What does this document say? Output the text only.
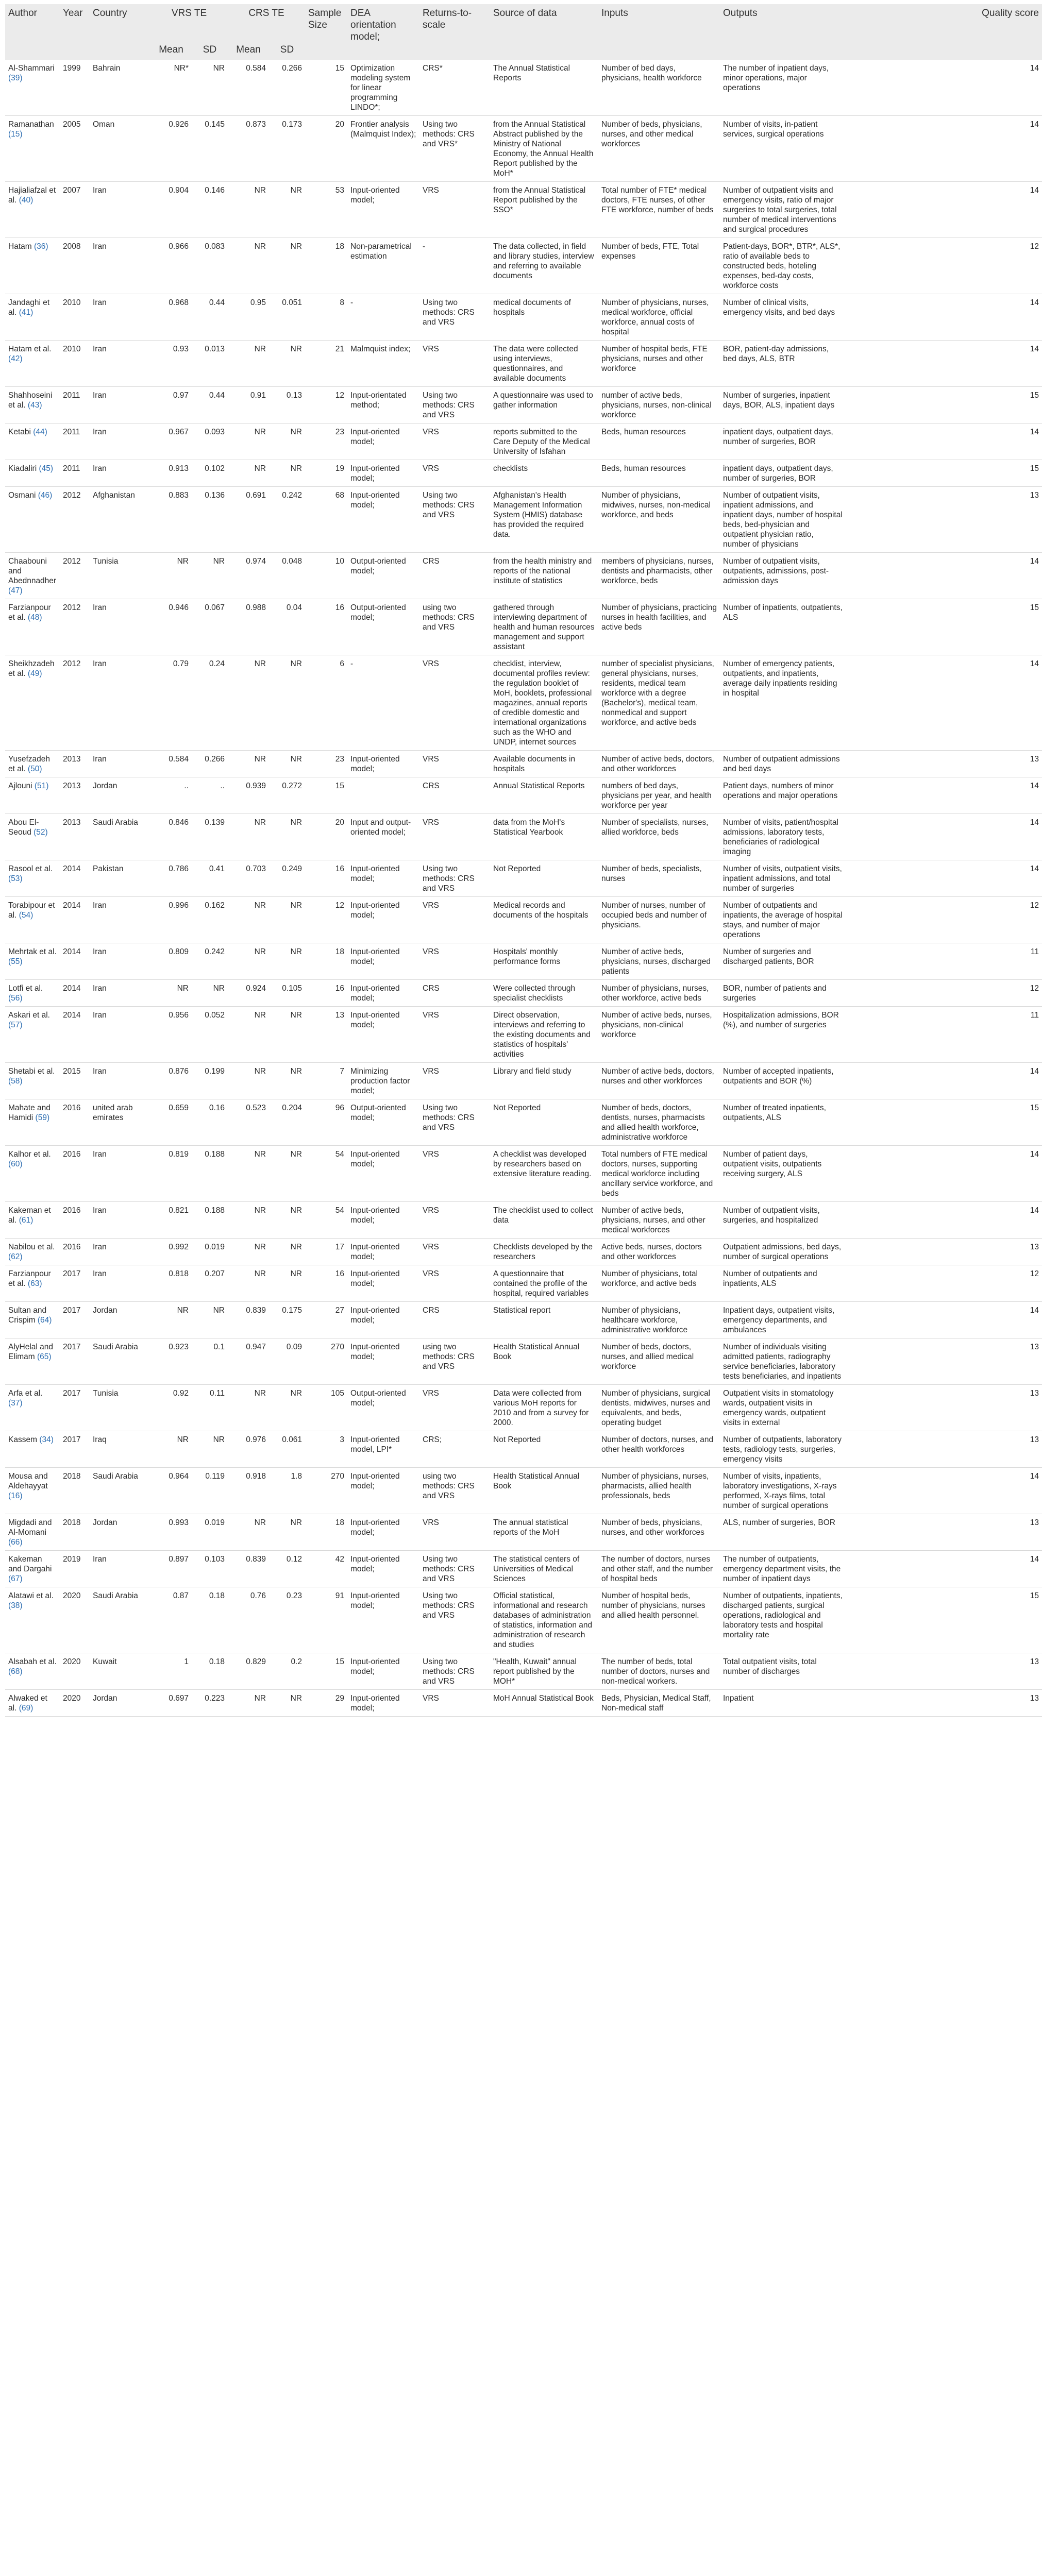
Author	Year	Country	VRS TE		CRS TE		Sample Size	DEA orientation model;	Returns-to-scale	Source of data	Inputs	Outputs	Quality score
			Mean	SD	Mean	SD							
Al-Shammari (39)	1999	Bahrain	NR*	NR	0.584	0.266	15	Optimization modeling system for linear programming LINDO*;	CRS*	The Annual Statistical Reports	Number of bed days, physicians, health workforce	The number of inpatient days, minor operations, major operations	14
Ramanathan (15)	2005	Oman	0.926	0.145	0.873	0.173	20	Frontier analysis (Malmquist Index);	Using two methods: CRS and VRS*	from the Annual Statistical Abstract published by the Ministry of National Economy, the Annual Health Report published by the MoH*	Number of beds, physicians, nurses, and other medical workforces	Number of visits, in-patient services, surgical operations	14
Hajialiafzal et al. (40)	2007	Iran	0.904	0.146	NR	NR	53	Input-oriented model;	VRS	from the Annual Statistical Report published by the SSO*	Total number of FTE* medical doctors, FTE nurses, of other FTE workforce, number of beds	Number of outpatient visits and emergency visits, ratio of major surgeries to total surgeries, total number of medical interventions and surgical procedures	14
Hatam (36)	2008	Iran	0.966	0.083	NR	NR	18	Non-parametrical estimation	-	The data collected, in field and library studies, interview and referring to available documents	Number of beds, FTE, Total expenses	Patient-days, BOR*, BTR*, ALS*, ratio of available beds to constructed beds, hoteling expenses, bed-day costs, workforce costs	12
Jandaghi et al. (41)	2010	Iran	0.968	0.44	0.95	0.051	8	-	Using two methods: CRS and VRS	medical documents of hospitals	Number of physicians, nurses, medical workforce, official workforce, annual costs of hospital	Number of clinical visits, emergency visits, and bed days	14
Hatam et al. (42)	2010	Iran	0.93	0.013	NR	NR	21	Malmquist index;	VRS	The data were collected using interviews, questionnaires, and available documents	Number of hospital beds, FTE physicians, nurses and other workforce	BOR, patient-day admissions, bed days, ALS, BTR	14
Shahhoseini et al. (43)	2011	Iran	0.97	0.44	0.91	0.13	12	Input-orientated method;	Using two methods: CRS and VRS	A questionnaire was used to gather information	number of active beds, physicians, nurses, non-clinical workforce	Number of surgeries, inpatient days, BOR, ALS, inpatient days	15
Ketabi (44)	2011	Iran	0.967	0.093	NR	NR	23	Input-oriented model;	VRS	reports submitted to the Care Deputy of the Medical University of Isfahan	Beds, human resources	inpatient days, outpatient days, number of surgeries, BOR	14
Kiadaliri (45)	2011	Iran	0.913	0.102	NR	NR	19	Input-oriented model;	VRS	checklists	Beds, human resources	inpatient days, outpatient days, number of surgeries, BOR	15
Osmani (46)	2012	Afghanistan	0.883	0.136	0.691	0.242	68	Input-oriented model;	Using two methods: CRS and VRS	Afghanistan's Health Management Information System (HMIS) database has provided the required data.	Number of physicians, midwives, nurses, non-medical workforce, and beds	Number of outpatient visits, inpatient admissions, and inpatient days, number of hospital beds, bed-physician and outpatient physician ratio, number of physicians	13
Chaabouni and Abednnadher (47)	2012	Tunisia	NR	NR	0.974	0.048	10	Output-oriented model;	CRS	from the health ministry and reports of the national institute of statistics	members of physicians, nurses, dentists and pharmacists, other workforce, beds	Number of outpatient visits, outpatients, admissions, post-admission days	14
Farzianpour et al. (48)	2012	Iran	0.946	0.067	0.988	0.04	16	Output-oriented model;	using two methods: CRS and VRS	gathered through interviewing department of health and human resources management and support assistant	Number of physicians, practicing nurses in health facilities, and active beds	Number of inpatients, outpatients, ALS	15
Sheikhzadeh et al. (49)	2012	Iran	0.79	0.24	NR	NR	6	-	VRS	checklist, interview, documental profiles review: the regulation booklet of MoH, booklets, professional magazines, annual reports of credible domestic and international organizations such as the WHO and UNDP, internet sources	number of specialist physicians, general physicians, nurses, residents, medical team workforce with a degree (Bachelor's), medical team, nonmedical and support workforce, and active beds	Number of emergency patients, outpatients, and inpatients, average daily inpatients residing in hospital	14
Yusefzadeh et al. (50)	2013	Iran	0.584	0.266	NR	NR	23	Input-oriented model;	VRS	Available documents in hospitals	Number of active beds, doctors, and other workforces	Number of outpatient admissions and bed days	13
Ajlouni (51)	2013	Jordan	..	..	0.939	0.272	15		CRS	Annual Statistical Reports	numbers of bed days, physicians per year, and health workforce per year	Patient days, numbers of minor operations and major operations	14
Abou El-Seoud (52)	2013	Saudi Arabia	0.846	0.139	NR	NR	20	Input and output-oriented model;	VRS	data from the MoH's Statistical Yearbook	Number of specialists, nurses, allied workforce, beds	Number of visits, patient/hospital admissions, laboratory tests, beneficiaries of radiological imaging	14
Rasool et al. (53)	2014	Pakistan	0.786	0.41	0.703	0.249	16	Input-oriented model;	Using two methods: CRS and VRS	Not Reported	Number of beds, specialists, nurses	Number of visits, outpatient visits, inpatient admissions, and total number of surgeries	14
Torabipour et al. (54)	2014	Iran	0.996	0.162	NR	NR	12	Input-oriented model;	VRS	Medical records and documents of the hospitals	Number of nurses, number of occupied beds and number of physicians.	Number of outpatients and inpatients, the average of hospital stays, and number of major operations	12
Mehrtak et al. (55)	2014	Iran	0.809	0.242	NR	NR	18	Input-oriented model;	VRS	Hospitals' monthly performance forms	Number of active beds, physicians, nurses, discharged patients	Number of surgeries and discharged patients, BOR	11
Lotfi et al. (56)	2014	Iran	NR	NR	0.924	0.105	16	Input-oriented model;	CRS	Were collected through specialist checklists	Number of physicians, nurses, other workforce, active beds	BOR, number of patients and surgeries	12
Askari et al. (57)	2014	Iran	0.956	0.052	NR	NR	13	Input-oriented model;	VRS	Direct observation, interviews and referring to the existing documents and statistics of hospitals' activities	Number of active beds, nurses, physicians, non-clinical workforce	Hospitalization admissions, BOR (%), and number of surgeries	11
Shetabi et al. (58)	2015	Iran	0.876	0.199	NR	NR	7	Minimizing production factor model;	VRS	Library and field study	Number of active beds, doctors, nurses and other workforces	Number of accepted inpatients, outpatients and BOR (%)	14
Mahate and Hamidi (59)	2016	united arab emirates	0.659	0.16	0.523	0.204	96	Output-oriented model;	Using two methods: CRS and VRS	Not Reported	Number of beds, doctors, dentists, nurses, pharmacists and allied health workforce, administrative workforce	Number of treated inpatients, outpatients, ALS	15
Kalhor et al. (60)	2016	Iran	0.819	0.188	NR	NR	54	Input-oriented model;	VRS	A checklist was developed by researchers based on extensive literature reading.	Total numbers of FTE medical doctors, nurses, supporting medical workforce including ancillary service workforce, and beds	Number of patient days, outpatient visits, outpatients receiving surgery, ALS	14
Kakeman et al. (61)	2016	Iran	0.821	0.188	NR	NR	54	Input-oriented model;	VRS	The checklist used to collect data	Number of active beds, physicians, nurses, and other medical workforces	Number of outpatient visits, surgeries, and hospitalized	14
Nabilou et al. (62)	2016	Iran	0.992	0.019	NR	NR	17	Input-oriented model;	VRS	Checklists developed by the researchers	Active beds, nurses, doctors and other workforces	Outpatient admissions, bed days, number of surgical operations	13
Farzianpour et al. (63)	2017	Iran	0.818	0.207	NR	NR	16	Input-oriented model;	VRS	A questionnaire that contained the profile of the hospital, required variables	Number of physicians, total workforce, and active beds	Number of outpatients and inpatients, ALS	12
Sultan and Crispim (64)	2017	Jordan	NR	NR	0.839	0.175	27	Input-oriented model;	CRS	Statistical report	Number of physicians, healthcare workforce, administrative workforce	Inpatient days, outpatient visits, emergency departments, and ambulances	14
AlyHelal and Elimam (65)	2017	Saudi Arabia	0.923	0.1	0.947	0.09	270	Input-oriented model;	using two methods: CRS and VRS	Health Statistical Annual Book	Number of beds, doctors, nurses, and allied medical workforce	Number of individuals visiting admitted patients, radiography service beneficiaries, laboratory tests beneficiaries, and inpatients	13
Arfa et al. (37)	2017	Tunisia	0.92	0.11	NR	NR	105	Output-oriented model;	VRS	Data were collected from various MoH reports for 2010 and from a survey for 2000.	Number of physicians, surgical dentists, midwives, nurses and equivalents, and beds, operating budget	Outpatient visits in stomatology wards, outpatient visits in emergency wards, outpatient visits in external	13
Kassem (34)	2017	Iraq	NR	NR	0.976	0.061	3	Input-oriented model, LPI*	CRS;	Not Reported	Number of doctors, nurses, and other health workforces	Number of outpatients, laboratory tests, radiology tests, surgeries, emergency visits	13
Mousa and Aldehayyat (16)	2018	Saudi Arabia	0.964	0.119	0.918	1.8	270	Input-oriented model;	using two methods: CRS and VRS	Health Statistical Annual Book	Number of physicians, nurses, pharmacists, allied health professionals, beds	Number of visits, inpatients, laboratory investigations, X-rays performed, X-rays films, total number of surgical operations	14
Migdadi and Al-Momani (66)	2018	Jordan	0.993	0.019	NR	NR	18	Input-oriented model;	VRS	The annual statistical reports of the MoH	Number of beds, physicians, nurses, and other workforces	ALS, number of surgeries, BOR	13
Kakeman and Dargahi (67)	2019	Iran	0.897	0.103	0.839	0.12	42	Input-oriented model;	Using two methods: CRS and VRS	The statistical centers of Universities of Medical Sciences	The number of doctors, nurses and other staff, and the number of hospital beds	The number of outpatients, emergency department visits, the number of inpatient days	14
Alatawi et al. (38)	2020	Saudi Arabia	0.87	0.18	0.76	0.23	91	Input-oriented model;	Using two methods: CRS and VRS	Official statistical, informational and research databases of administration of statistics, information and administration of research and studies	Number of hospital beds, number of physicians, nurses and allied health personnel.	Number of outpatients, inpatients, discharged patients, surgical operations, radiological and laboratory tests and hospital mortality rate	15
Alsabah et al. (68)	2020	Kuwait	1	0.18	0.829	0.2	15	Input-oriented model;	Using two methods: CRS and VRS	"Health, Kuwait" annual report published by the MOH*	The number of beds, total number of doctors, nurses and non-medical workers.	Total outpatient visits, total number of discharges	13
Alwaked et al. (69)	2020	Jordan	0.697	0.223	NR	NR	29	Input-oriented model;	VRS	MoH Annual Statistical Book	Beds, Physician, Medical Staff, Non-medical staff	Inpatient	13
